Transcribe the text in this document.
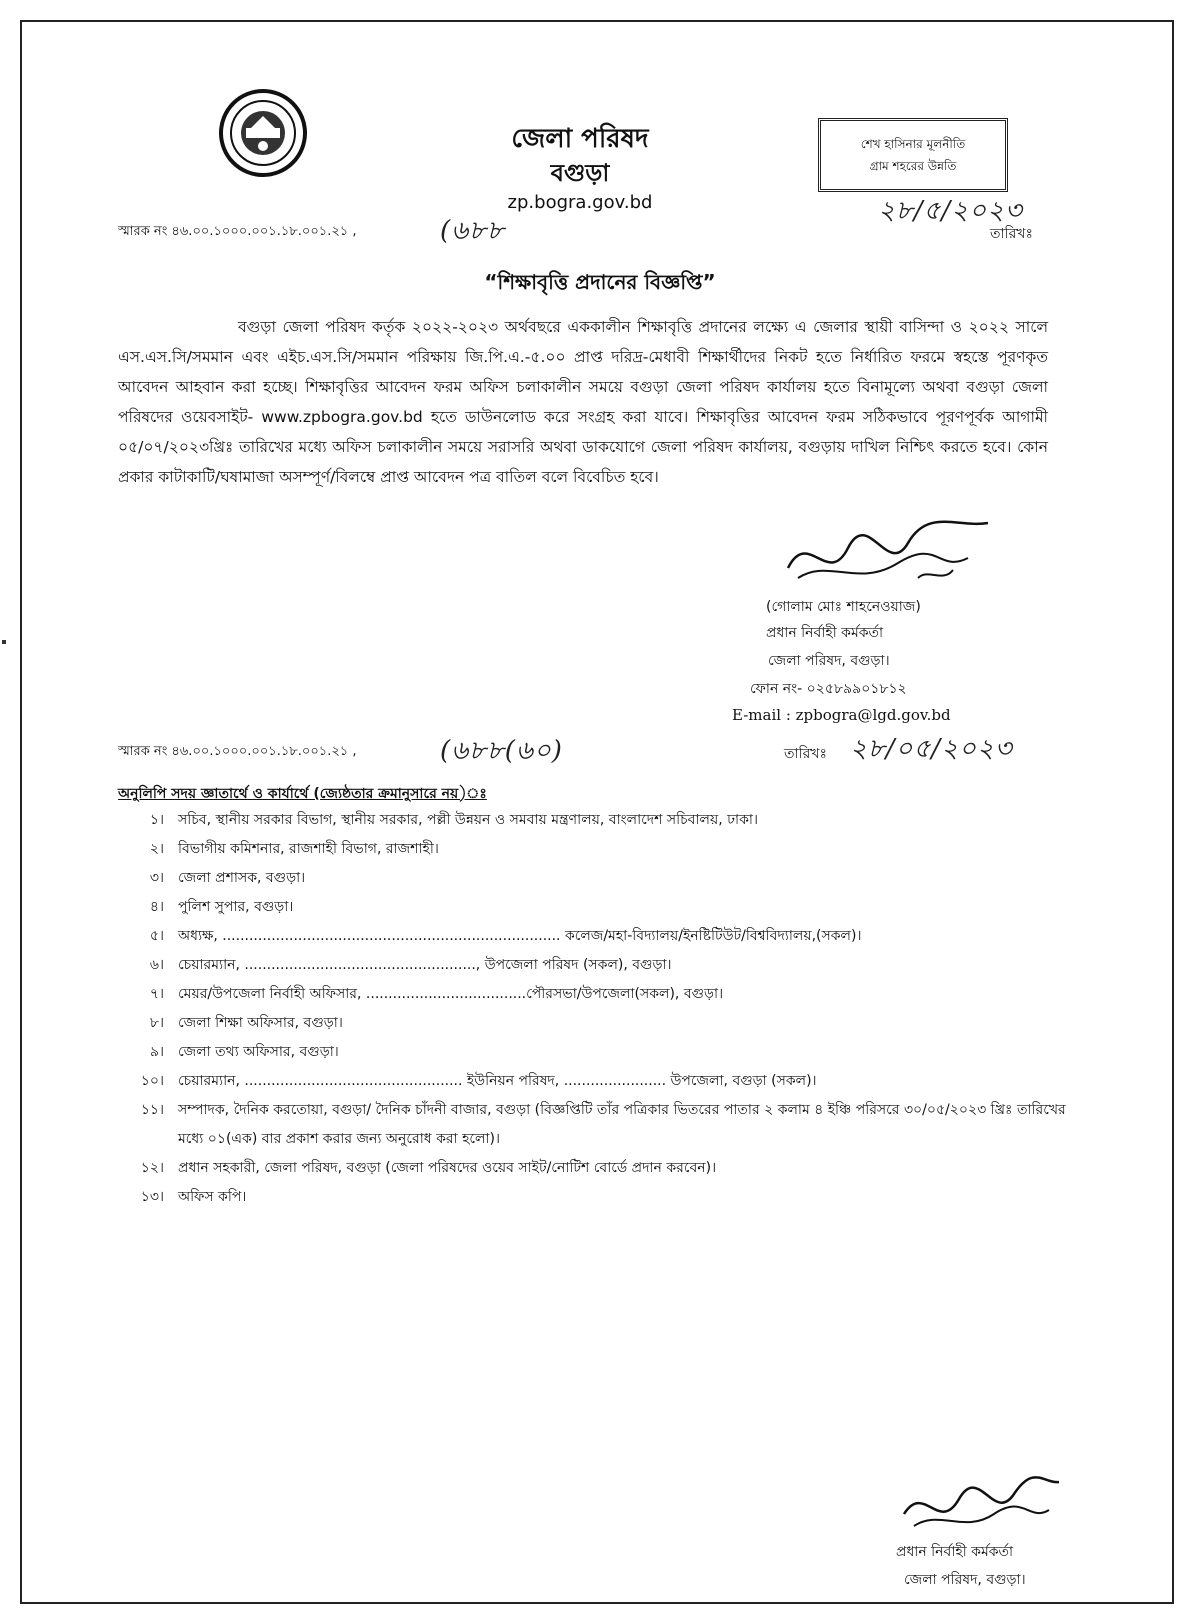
জেলা পরিষদ
বগুড়া
zp.bogra.gov.bd
শেখ হাসিনার মূলনীতি
গ্রাম শহরের উন্নতি
স্মারক নং ৪৬.০০.১০০০.০০১.১৮.০০১.২১ ,	(৬৮৮
২৮/৫/২০২৩
তারিখঃ
“শিক্ষাবৃত্তি প্রদানের বিজ্ঞপ্তি”
বগুড়া জেলা পরিষদ কর্তৃক ২০২২-২০২৩ অর্থবছরে এককালীন শিক্ষাবৃত্তি প্রদানের লক্ষ্যে এ জেলার স্থায়ী বাসিন্দা ও ২০২২ সালে এস.এস.সি/সমমান এবং এইচ.এস.সি/সমমান পরিক্ষায় জি.পি.এ.-৫.০০ প্রাপ্ত দরিদ্র-মেধাবী শিক্ষার্থীদের নিকট হতে নির্ধারিত ফরমে স্বহস্তে পূরণকৃত আবেদন আহবান করা হচ্ছে। শিক্ষাবৃত্তির আবেদন ফরম অফিস চলাকালীন সময়ে বগুড়া জেলা পরিষদ কার্যালয় হতে বিনামূল্যে অথবা বগুড়া জেলা পরিষদের ওয়েবসাইট- www.zpbogra.gov.bd হতে ডাউনলোড করে সংগ্রহ করা যাবে। শিক্ষাবৃত্তির আবেদন ফরম সঠিকভাবে পূরণপূর্বক আগামী ০৫/০৭/২০২৩খ্রিঃ তারিখের মধ্যে অফিস চলাকালীন সময়ে সরাসরি অথবা ডাকযোগে জেলা পরিষদ কার্যালয়, বগুড়ায় দাখিল নিশ্চিৎ করতে হবে। কোন প্রকার কাটাকাটি/ঘষামাজা অসম্পূর্ণ/বিলম্বে প্রাপ্ত আবেদন পত্র বাতিল বলে বিবেচিত হবে।
(গোলাম মোঃ শাহনেওয়াজ)
প্রধান নির্বাহী কর্মকর্তা
জেলা পরিষদ, বগুড়া।
ফোন নং- ০২৫৮৯৯০১৮১২
E-mail : zpbogra@lgd.gov.bd
স্মারক নং ৪৬.০০.১০০০.০০১.১৮.০০১.২১ ,	(৬৮৮(৬০)	তারিখঃ ২৮/০৫/২০২৩
অনুলিপি সদয় জ্ঞাতার্থে ও কার্যার্থে (জ্যেষ্ঠতার ক্রমানুসারে নয়)ঃ
১।	সচিব, স্থানীয় সরকার বিভাগ, স্থানীয় সরকার, পল্লী উন্নয়ন ও সমবায় মন্ত্রণালয়, বাংলাদেশ সচিবালয়, ঢাকা।
২।	বিভাগীয় কমিশনার, রাজশাহী বিভাগ, রাজশাহী।
৩।	জেলা প্রশাসক, বগুড়া।
৪।	পুলিশ সুপার, বগুড়া।
৫।	অধ্যক্ষ, ............................................................................ কলেজ/মহা-বিদ্যালয়/ইনষ্টিটিউট/বিশ্ববিদ্যালয়,(সকল)।
৬।	চেয়ারম্যান, ...................................................., উপজেলা পরিষদ (সকল), বগুড়া।
৭।	মেয়র/উপজেলা নির্বাহী অফিসার, ....................................পৌরসভা/উপজেলা(সকল), বগুড়া।
৮।	জেলা শিক্ষা অফিসার, বগুড়া।
৯।	জেলা তথ্য অফিসার, বগুড়া।
১০।	চেয়ারম্যান, ................................................. ইউনিয়ন পরিষদ, ....................... উপজেলা, বগুড়া (সকল)।
১১।	সম্পাদক, দৈনিক করতোয়া, বগুড়া/ দৈনিক চাঁদনী বাজার, বগুড়া (বিজ্ঞপ্তিটি তাঁর পত্রিকার ভিতরের পাতার ২ কলাম ৪ ইঞ্চি পরিসরে ৩০/০৫/২০২৩ খ্রিঃ তারিখের মধ্যে ০১(এক) বার প্রকাশ করার জন্য অনুরোধ করা হলো)।
১২।	প্রধান সহকারী, জেলা পরিষদ, বগুড়া (জেলা পরিষদের ওয়েব সাইট/নোটিশ বোর্ডে প্রদান করবেন)।
১৩।	অফিস কপি।
প্রধান নির্বাহী কর্মকর্তা
জেলা পরিষদ, বগুড়া।
